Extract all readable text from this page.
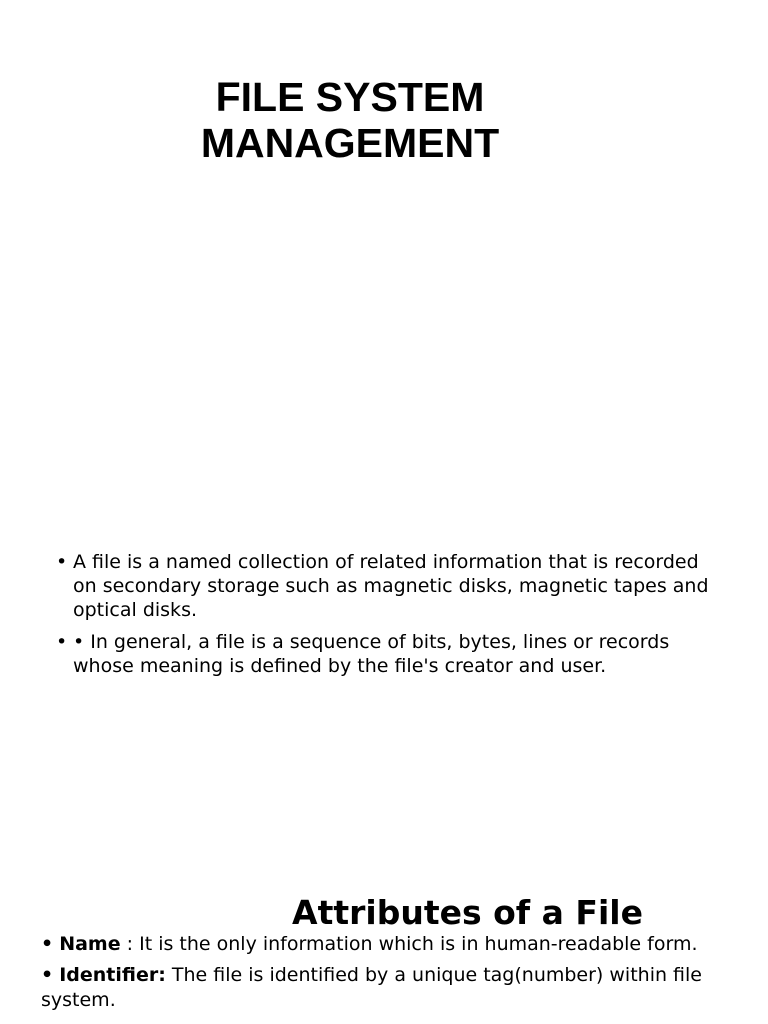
FILE SYSTEM
MANAGEMENT
• A file is a named collection of related information that is recorded on secondary storage such as magnetic disks, magnetic tapes and optical disks.
• • In general, a file is a sequence of bits, bytes, lines or records whose meaning is defined by the file's creator and user.
Attributes of a File

• Name : It is the only information which is in human-readable form.

• Identifier: The file is identified by a unique tag(number) within file system.
